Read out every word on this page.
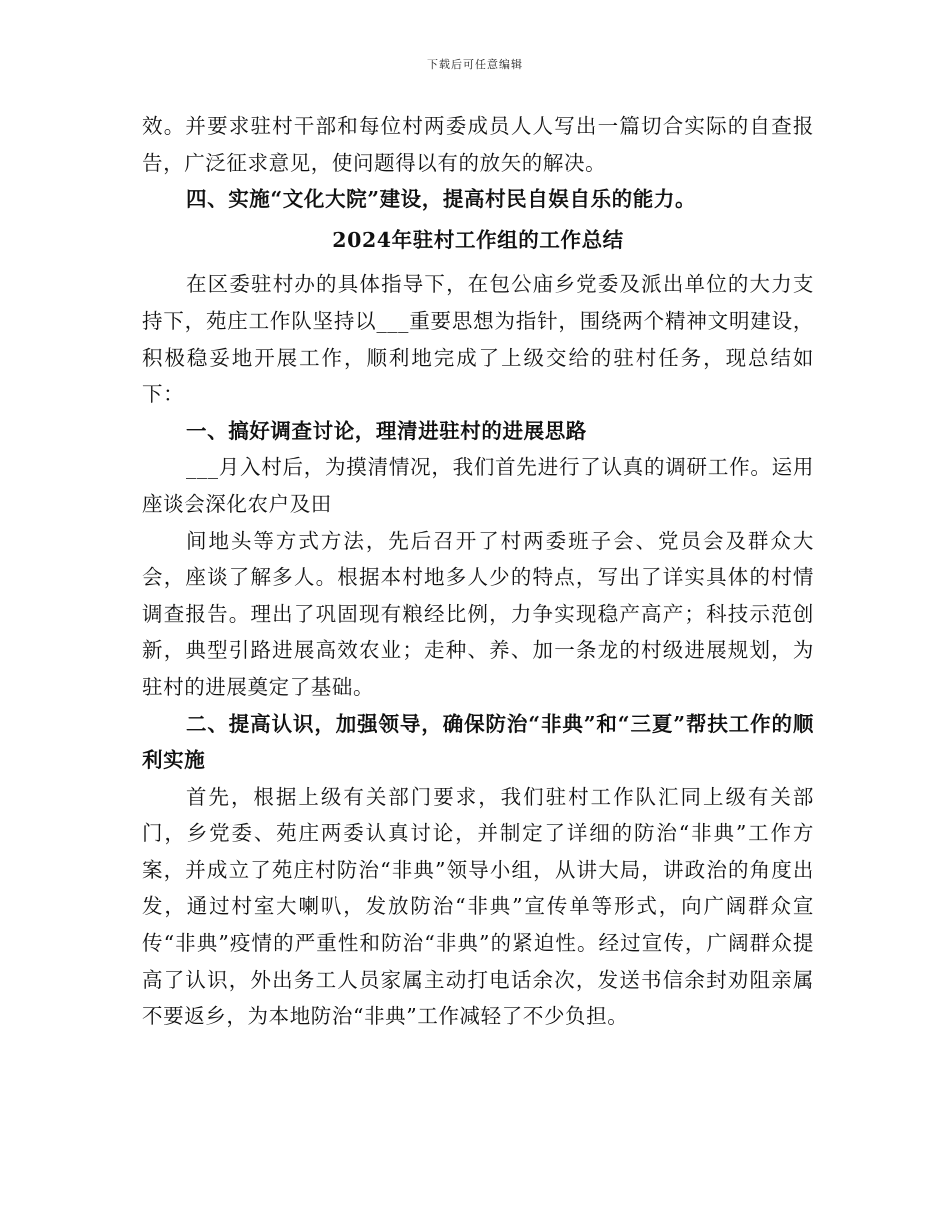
下载后可任意编辑

效。并要求驻村干部和每位村两委成员人人写出一篇切合实际的自查报告，广泛征求意见，使问题得以有的放矢的解决。

四、实施“文化大院”建设，提高村民自娱自乐的能力。

2024年驻村工作组的工作总结

在区委驻村办的具体指导下，在包公庙乡党委及派出单位的大力支持下，苑庄工作队坚持以___重要思想为指针，围绕两个精神文明建设，积极稳妥地开展工作，顺利地完成了上级交给的驻村任务，现总结如下：

一、搞好调查讨论，理清进驻村的进展思路

___月入村后，为摸清情况，我们首先进行了认真的调研工作。运用座谈会深化农户及田

间地头等方式方法，先后召开了村两委班子会、党员会及群众大会，座谈了解多人。根据本村地多人少的特点，写出了详实具体的村情调查报告。理出了巩固现有粮经比例，力争实现稳产高产；科技示范创新，典型引路进展高效农业；走种、养、加一条龙的村级进展规划，为驻村的进展奠定了基础。

二、提高认识，加强领导，确保防治“非典”和“三夏”帮扶工作的顺利实施

首先，根据上级有关部门要求，我们驻村工作队汇同上级有关部门，乡党委、苑庄两委认真讨论，并制定了详细的防治“非典”工作方案，并成立了苑庄村防治“非典”领导小组，从讲大局，讲政治的角度出发，通过村室大喇叭，发放防治“非典”宣传单等形式，向广阔群众宣传“非典”疫情的严重性和防治“非典”的紧迫性。经过宣传，广阔群众提高了认识，外出务工人员家属主动打电话余次，发送书信余封劝阻亲属不要返乡，为本地防治“非典”工作减轻了不少负担。
